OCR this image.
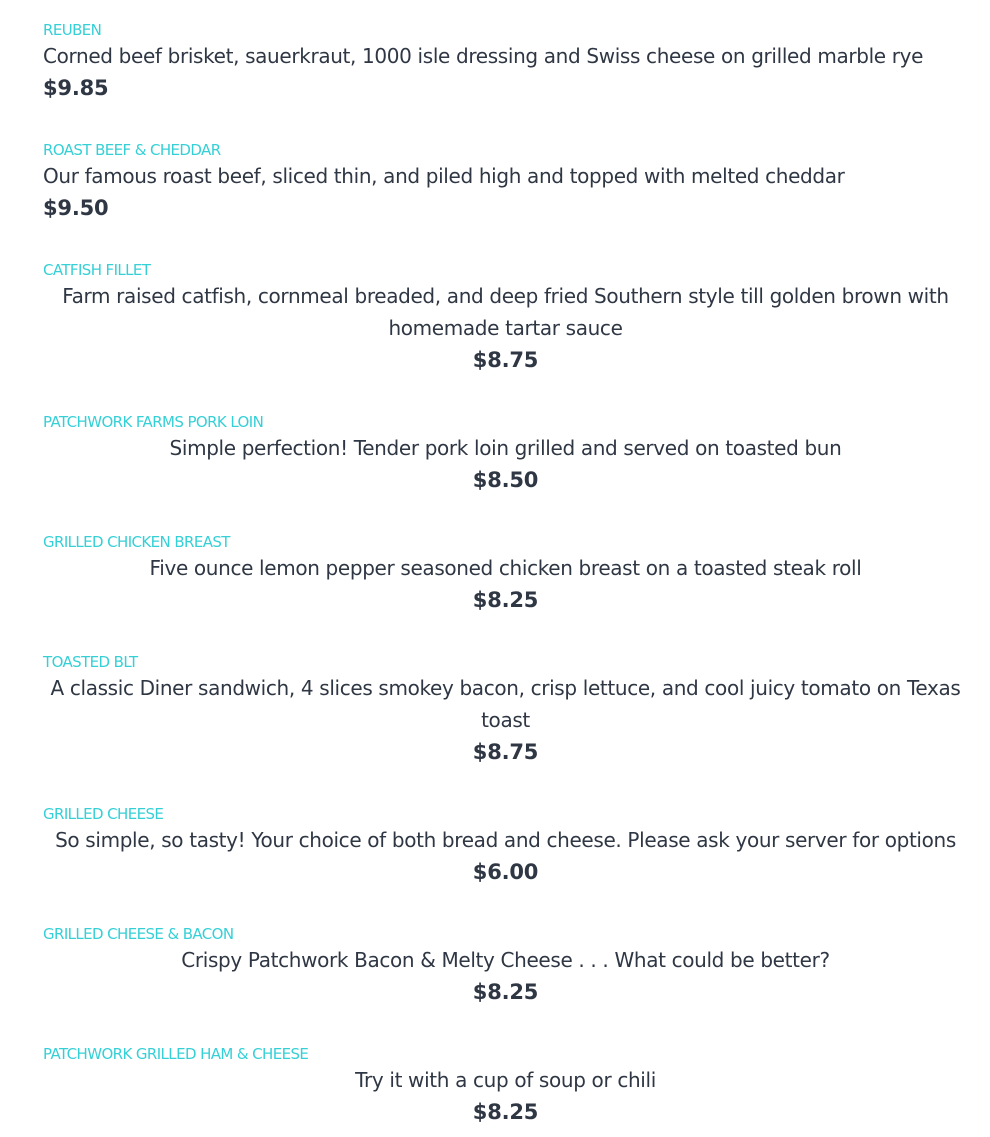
REUBEN
Corned beef brisket, sauerkraut, 1000 isle dressing and Swiss cheese on grilled marble rye
$9.85
ROAST BEEF & CHEDDAR
Our famous roast beef, sliced thin, and piled high and topped with melted cheddar
$9.50
CATFISH FILLET
Farm raised catfish, cornmeal breaded, and deep fried Southern style till golden brown with homemade tartar sauce
$8.75
PATCHWORK FARMS PORK LOIN
Simple perfection! Tender pork loin grilled and served on toasted bun
$8.50
GRILLED CHICKEN BREAST
Five ounce lemon pepper seasoned chicken breast on a toasted steak roll
$8.25
TOASTED BLT
A classic Diner sandwich, 4 slices smokey bacon, crisp lettuce, and cool juicy tomato on Texas toast
$8.75
GRILLED CHEESE
So simple, so tasty! Your choice of both bread and cheese. Please ask your server for options
$6.00
GRILLED CHEESE & BACON
Crispy Patchwork Bacon & Melty Cheese . . . What could be better?
$8.25
PATCHWORK GRILLED HAM & CHEESE
Try it with a cup of soup or chili
$8.25
